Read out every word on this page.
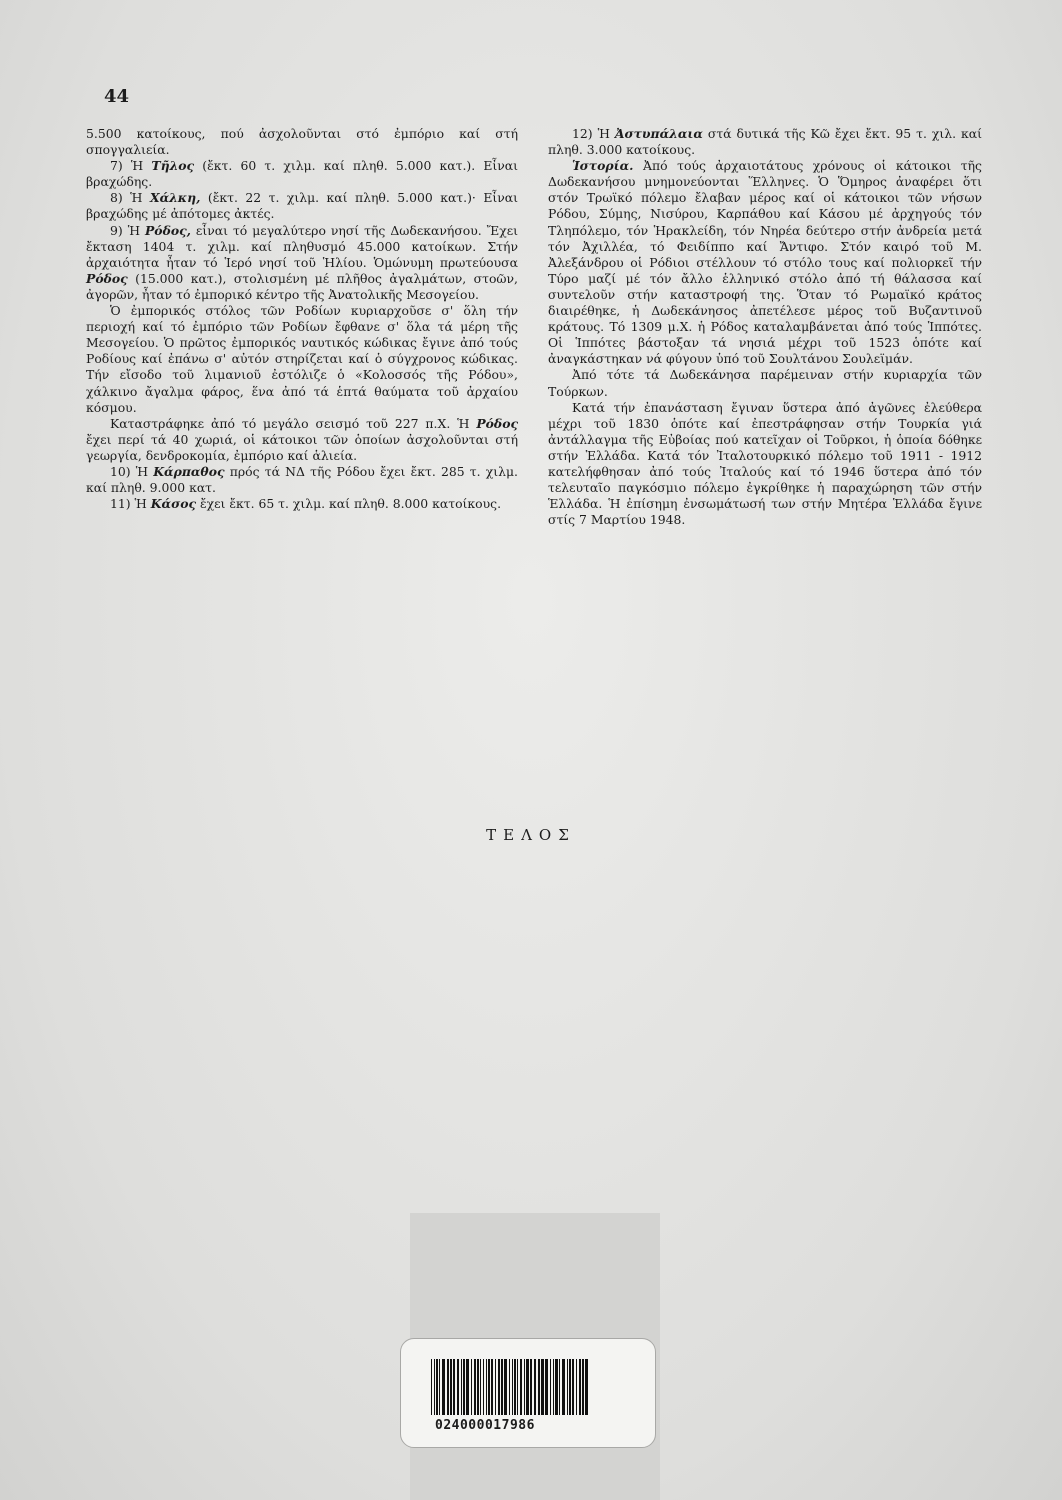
44

5.500 κατοίκους, πού ἀσχολοῦνται στό ἐμπόριο καί στή σπογγαλιεία.

7) Ἡ Τῆλος (ἔκτ. 60 τ. χιλμ. καί πληθ. 5.000 κατ.). Εἶναι βραχώδης.

8) Ἡ Χάλκη, (ἔκτ. 22 τ. χιλμ. καί πληθ. 5.000 κατ.)· Εἶναι βραχώδης μέ ἀπότομες ἀκτές.

9) Ἡ Ρόδος, εἶναι τό μεγαλύτερο νησί τῆς Δωδεκανήσου. Ἔχει ἔκταση 1404 τ. χιλμ. καί πληθυσμό 45.000 κατοίκων. Στήν ἀρχαιότητα ἦταν τό Ἱερό νησί τοῦ Ἡλίου. Ὁμώνυμη πρωτεύουσα Ρόδος (15.000 κατ.), στολισμένη μέ πλῆθος ἀγαλμάτων, στοῶν, ἀγορῶν, ἦταν τό ἐμπορικό κέντρο τῆς Ἀνατολικῆς Μεσογείου.

Ὁ ἐμπορικός στόλος τῶν Ροδίων κυριαρχοῦσε σ' ὅλη τήν περιοχή καί τό ἐμπόριο τῶν Ροδίων ἔφθανε σ' ὅλα τά μέρη τῆς Μεσογείου. Ὁ πρῶτος ἐμπορικός ναυτικός κώδικας ἔγινε ἀπό τούς Ροδίους καί ἐπάνω σ' αὐτόν στηρίζεται καί ὁ σύγχρονος κώδικας. Τήν εἴσοδο τοῦ λιμανιοῦ ἐστόλιζε ὁ «Κολοσσός τῆς Ρόδου», χάλκινο ἄγαλμα φάρος, ἕνα ἀπό τά ἑπτά θαύματα τοῦ ἀρχαίου κόσμου.

Καταστράφηκε ἀπό τό μεγάλο σεισμό τοῦ 227 π.Χ. Ἡ Ρόδος ἔχει περί τά 40 χωριά, οἱ κάτοικοι τῶν ὁποίων ἀσχολοῦνται στή γεωργία, δενδροκομία, ἐμπόριο καί ἁλιεία.

10) Ἡ Κάρπαθος πρός τά ΝΔ τῆς Ρόδου ἔχει ἔκτ. 285 τ. χιλμ. καί πληθ. 9.000 κατ.

11) Ἡ Κάσος ἔχει ἔκτ. 65 τ. χιλμ. καί πληθ. 8.000 κατοίκους.

12) Ἡ Ἀστυπάλαια στά δυτικά τῆς Κῶ ἔχει ἔκτ. 95 τ. χιλ. καί πληθ. 3.000 κατοίκους.

Ἱστορία. Ἀπό τούς ἀρχαιοτάτους χρόνους οἱ κάτοικοι τῆς Δωδεκανήσου μνημονεύονται Ἕλληνες. Ὁ Ὅμηρος ἀναφέρει ὅτι στόν Τρωϊκό πόλεμο ἔλαβαν μέρος καί οἱ κάτοικοι τῶν νήσων Ρόδου, Σύμης, Νισύρου, Καρπάθου καί Κάσου μέ ἀρχηγούς τόν Τληπόλεμο, τόν Ἡρακλείδη, τόν Νηρέα δεύτερο στήν ἀνδρεία μετά τόν Ἀχιλλέα, τό Φειδίππο καί Ἄντιφο. Στόν καιρό τοῦ Μ. Ἀλεξάνδρου οἱ Ρόδιοι στέλλουν τό στόλο τους καί πολιορκεῖ τήν Τύρο μαζί μέ τόν ἄλλο ἑλληνικό στόλο ἀπό τή θάλασσα καί συντελοῦν στήν καταστροφή της. Ὅταν τό Ρωμαϊκό κράτος διαιρέθηκε, ἡ Δωδεκάνησος ἀπετέλεσε μέρος τοῦ Βυζαντινοῦ κράτους. Τό 1309 μ.Χ. ἡ Ρόδος καταλαμβάνεται ἀπό τούς Ἱππότες. Οἱ Ἱππότες βάστοξαν τά νησιά μέχρι τοῦ 1523 ὁπότε καί ἀναγκάστηκαν νά φύγουν ὑπό τοῦ Σουλτάνου Σουλεϊμάν.

Ἀπό τότε τά Δωδεκάνησα παρέμειναν στήν κυριαρχία τῶν Τούρκων.

Κατά τήν ἐπανάσταση ἔγιναν ὕστερα ἀπό ἀγῶνες ἐλεύθερα μέχρι τοῦ 1830 ὁπότε καί ἐπεστράφησαν στήν Τουρκία γιά ἀντάλλαγμα τῆς Εὐβοίας πού κατεῖχαν οἱ Τοῦρκοι, ἡ ὁποία δόθηκε στήν Ἑλλάδα. Κατά τόν Ἰταλοτουρκικό πόλεμο τοῦ 1911 - 1912 κατελήφθησαν ἀπό τούς Ἰταλούς καί τό 1946 ὕστερα ἀπό τόν τελευταῖο παγκόσμιο πόλεμο ἐγκρίθηκε ἡ παραχώρηση τῶν στήν Ἑλλάδα. Ἡ ἐπίσημη ἐνσωμάτωσή των στήν Μητέρα Ἑλλάδα ἔγινε στίς 7 Μαρτίου 1948.

ΤΕΛΟΣ
024000017986
